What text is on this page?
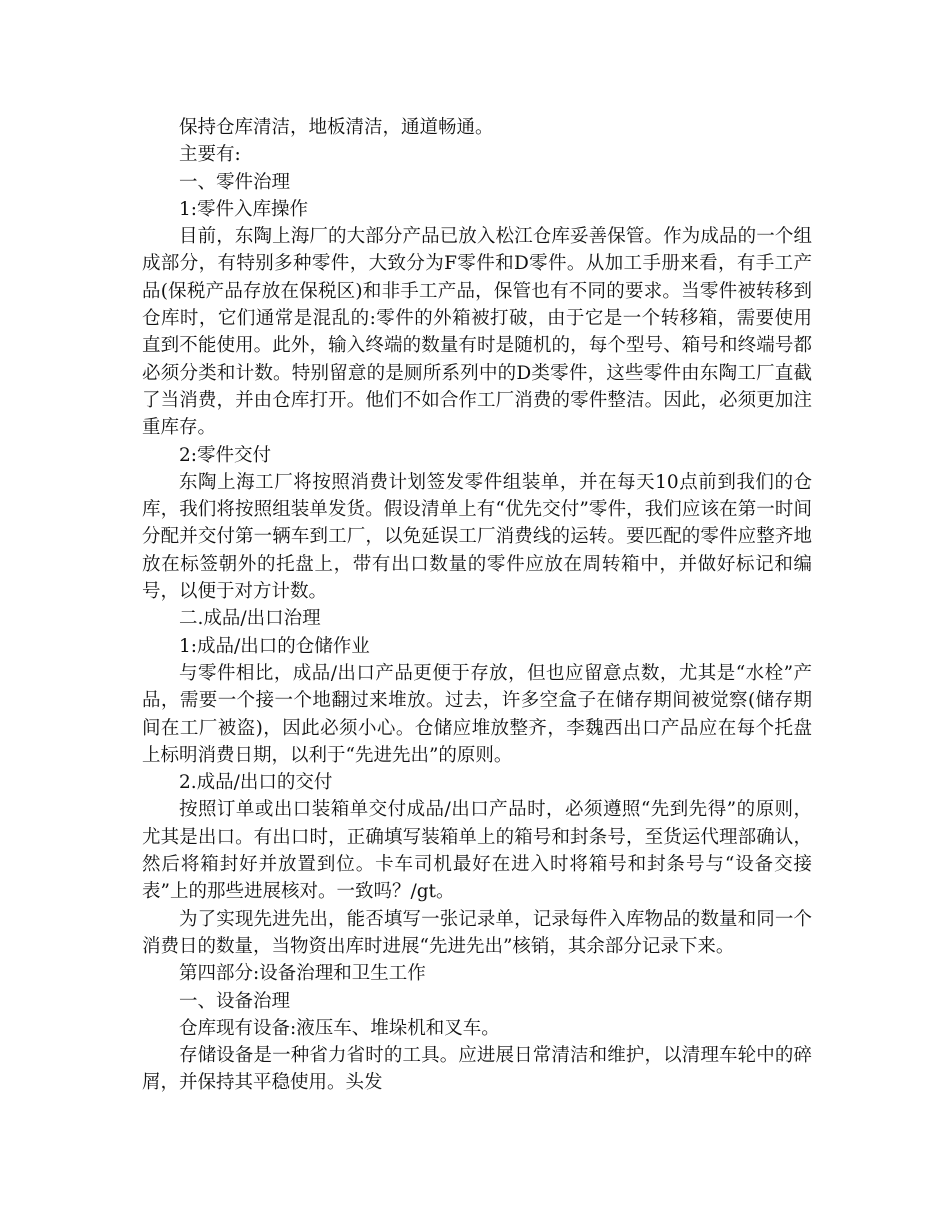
保持仓库清洁，地板清洁，通道畅通。

主要有:

一、零件治理

1:零件入库操作

目前，东陶上海厂的大部分产品已放入松江仓库妥善保管。作为成品的一个组成部分，有特别多种零件，大致分为F零件和D零件。从加工手册来看，有手工产品(保税产品存放在保税区)和非手工产品，保管也有不同的要求。当零件被转移到仓库时，它们通常是混乱的:零件的外箱被打破，由于它是一个转移箱，需要使用直到不能使用。此外，输入终端的数量有时是随机的，每个型号、箱号和终端号都必须分类和计数。特别留意的是厕所系列中的D类零件，这些零件由东陶工厂直截了当消费，并由仓库打开。他们不如合作工厂消费的零件整洁。因此，必须更加注重库存。

2:零件交付

东陶上海工厂将按照消费计划签发零件组装单，并在每天10点前到我们的仓库，我们将按照组装单发货。假设清单上有“优先交付”零件，我们应该在第一时间分配并交付第一辆车到工厂，以免延误工厂消费线的运转。要匹配的零件应整齐地放在标签朝外的托盘上，带有出口数量的零件应放在周转箱中，并做好标记和编号，以便于对方计数。

二.成品/出口治理

1:成品/出口的仓储作业

与零件相比，成品/出口产品更便于存放，但也应留意点数，尤其是“水栓”产品，需要一个接一个地翻过来堆放。过去，许多空盒子在储存期间被觉察(储存期间在工厂被盗)，因此必须小心。仓储应堆放整齐，李魏西出口产品应在每个托盘上标明消费日期，以利于“先进先出”的原则。

2.成品/出口的交付

按照订单或出口装箱单交付成品/出口产品时，必须遵照“先到先得”的原则，尤其是出口。有出口时，正确填写装箱单上的箱号和封条号，至货运代理部确认，然后将箱封好并放置到位。卡车司机最好在进入时将箱号和封条号与“设备交接表”上的那些进展核对。一致吗？/gt。

为了实现先进先出，能否填写一张记录单，记录每件入库物品的数量和同一个消费日的数量，当物资出库时进展“先进先出”核销，其余部分记录下来。

第四部分:设备治理和卫生工作

一、设备治理

仓库现有设备:液压车、堆垛机和叉车。

存储设备是一种省力省时的工具。应进展日常清洁和维护，以清理车轮中的碎屑，并保持其平稳使用。头发
